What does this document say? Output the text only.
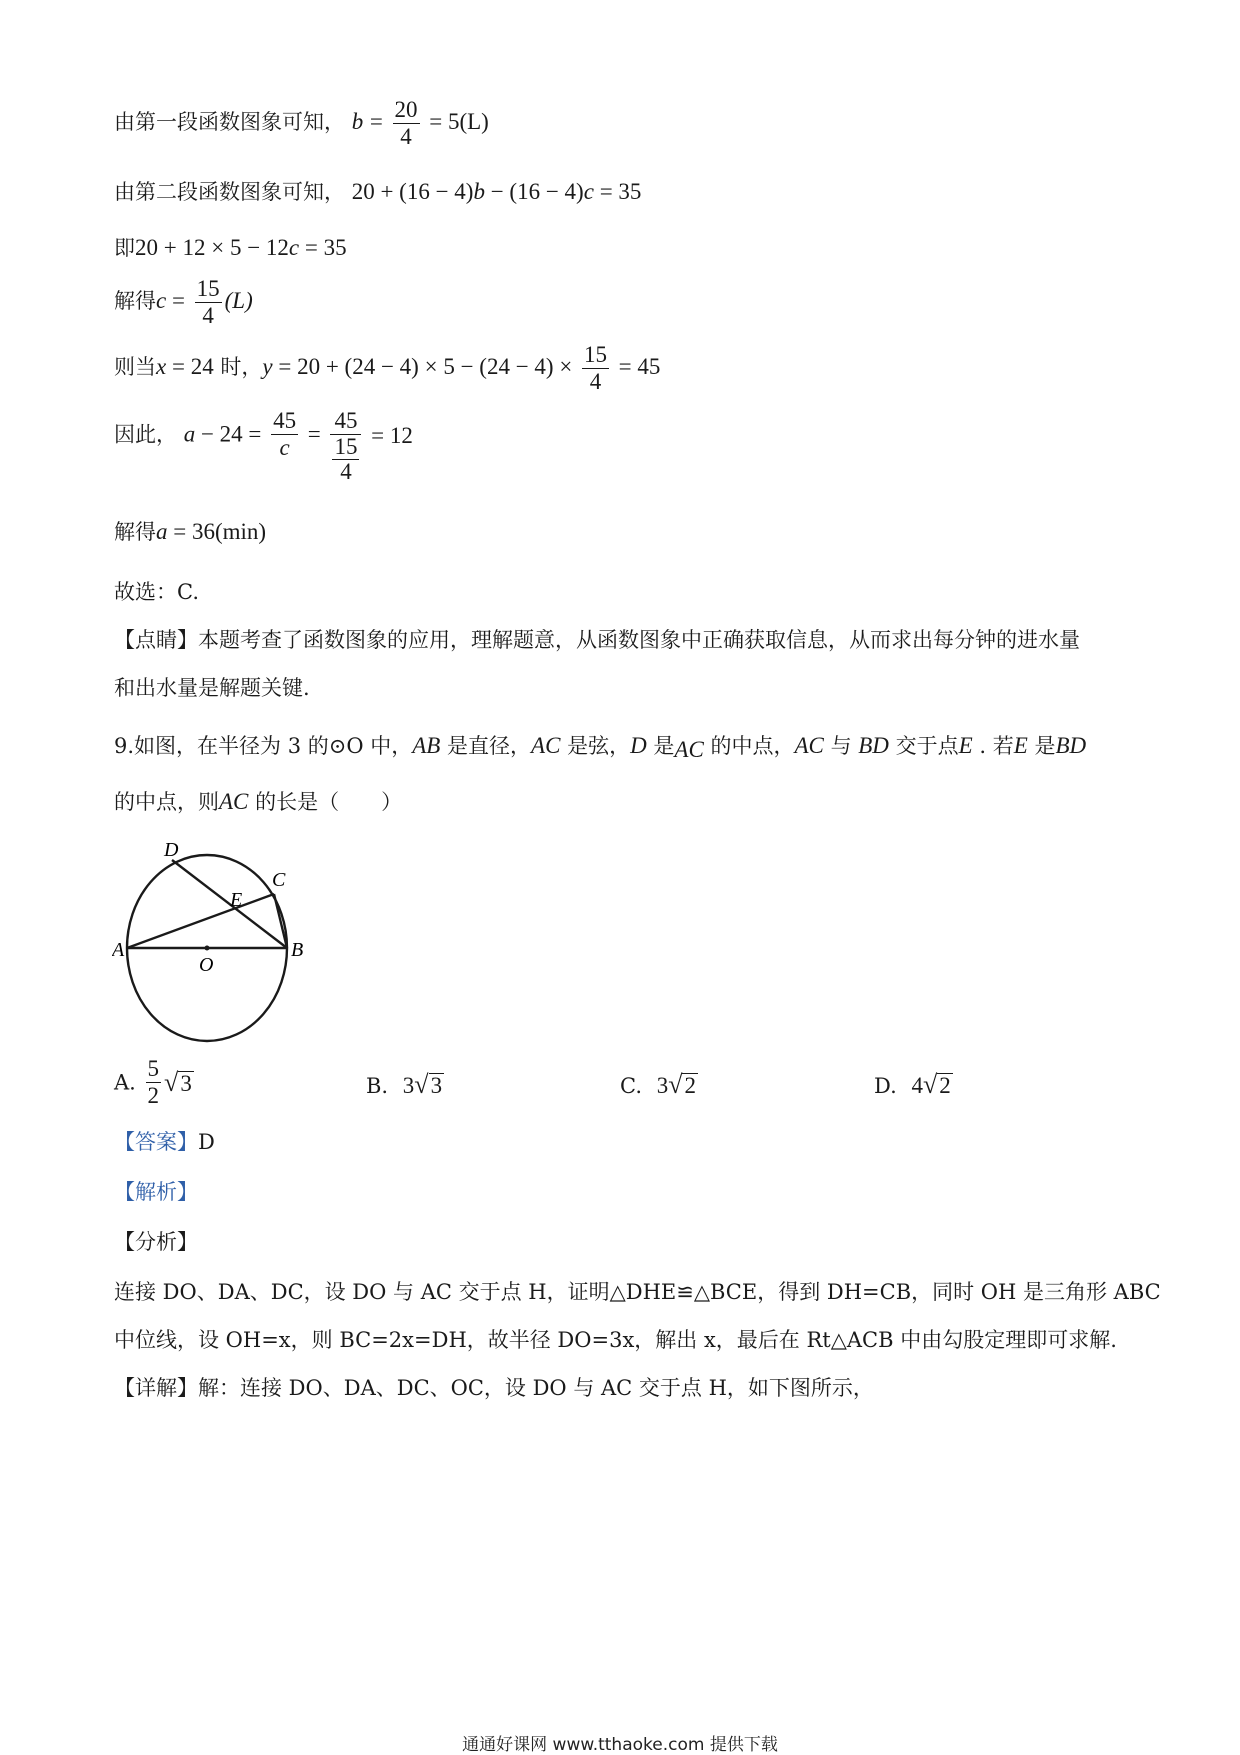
由第一段函数图象可知， $b = \frac{20}{4} = 5(L)$
由第二段函数图象可知， 20 + (16 − 4)b − (16 − 4)c = 35
即20 + 12 × 5 − 12c = 35
解得$c = \frac{15}{4} (L)$
则当x = 24 时，$y = 20 + (24 - 4) \times 5 - (24 - 4) \times \frac{15}{4} = 45$
因此， $a - 24 = \frac{45}{c} = \frac{45}{\frac{15}{4}} = 12$
解得a = 36(min)
故选：C.
【点睛】本题考查了函数图象的应用，理解题意，从函数图象中正确获取信息，从而求出每分钟的进水量
和出水量是解题关键.
9.如图，在半径为 3 的⊙O 中，AB 是直径，AC 是弦，D 是AC 的中点，AC 与 BD 交于点E . 若E 是BD
的中点，则AC 的长是（　　）
A	B
C
D
E
O
A. $\frac{5}{2} √3$	B. 3√3	C. 3√2	D. 4√2
【答案】D
【解析】
【分析】
连接 DO、DA、DC，设 DO 与 AC 交于点 H，证明△DHE≌△BCE，得到 DH=CB，同时 OH 是三角形 ABC
中位线，设 OH=x，则 BC=2x=DH，故半径 DO=3x，解出 x，最后在 Rt△ACB 中由勾股定理即可求解.
【详解】解：连接 DO、DA、DC、OC，设 DO 与 AC 交于点 H，如下图所示，
通通好课网 www.tthaoke.com 提供下载
